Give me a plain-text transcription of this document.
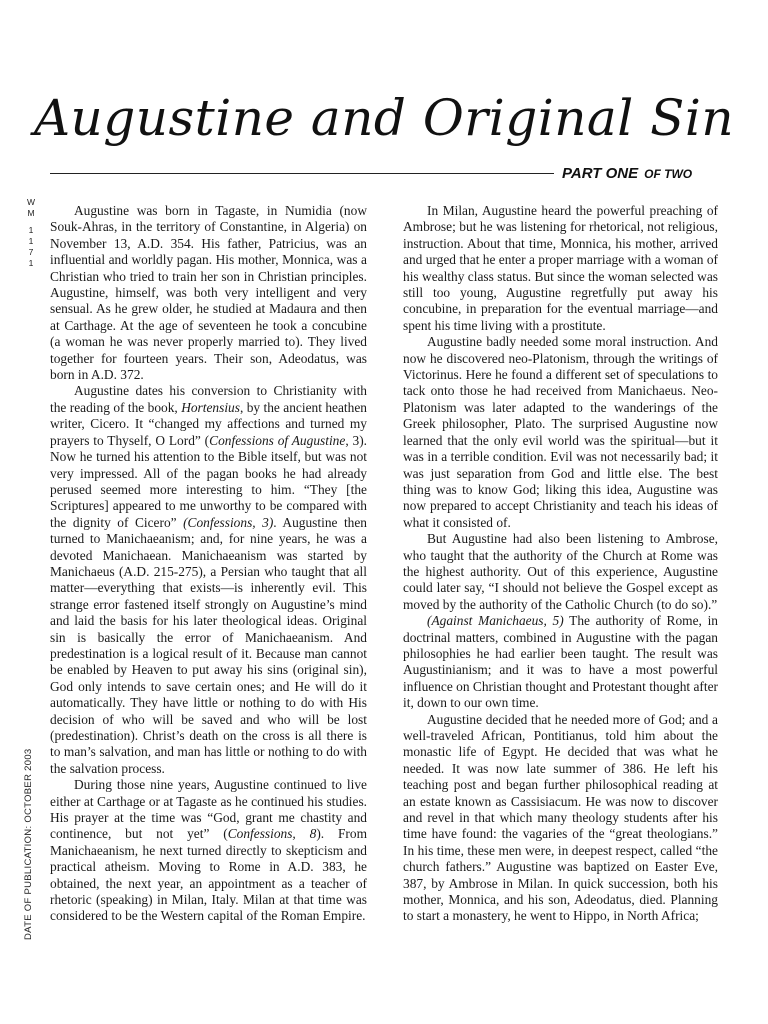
Augustine and Original Sin
PART ONE OF TWO
W
M
1
1
7
1
DATE OF PUBLICATION: OCTOBER 2003

Augustine was born in Tagaste, in Numidia (now Souk-Ahras, in the territory of Constantine, in Algeria) on November 13, A.D. 354. His father, Patricius, was an influential and worldly pagan. His mother, Monnica, was a Christian who tried to train her son in Christian principles. Augustine, himself, was both very intelligent and very sensual. As he grew older, he studied at Madaura and then at Carthage. At the age of seventeen he took a concubine (a woman he was never properly married to). They lived together for fourteen years. Their son, Adeodatus, was born in A.D. 372.

Augustine dates his conversion to Christianity with the reading of the book, Hortensius, by the ancient heathen writer, Cicero. It “changed my affections and turned my prayers to Thyself, O Lord” (Confessions of Augustine, 3). Now he turned his attention to the Bible itself, but was not very impressed. All of the pagan books he had already perused seemed more interesting to him. “They [the Scriptures] appeared to me unworthy to be compared with the dignity of Cicero” (Confessions, 3). Augustine then turned to Manichaeanism; and, for nine years, he was a devoted Manichaean. Manichaeanism was started by Manichaeus (A.D. 215-275), a Persian who taught that all matter—everything that exists—is inherently evil. This strange error fastened itself strongly on Augustine’s mind and laid the basis for his later theological ideas. Original sin is basically the error of Manichaeanism. And predestination is a logical result of it. Because man cannot be enabled by Heaven to put away his sins (original sin), God only intends to save certain ones; and He will do it automatically. They have little or nothing to do with His decision of who will be saved and who will be lost (predestination). Christ’s death on the cross is all there is to man’s salvation, and man has little or nothing to do with the salvation process.

During those nine years, Augustine continued to live either at Carthage or at Tagaste as he continued his studies. His prayer at the time was “God, grant me chastity and continence, but not yet” (Confessions, 8). From Manichaeanism, he next turned directly to skepticism and practical atheism. Moving to Rome in A.D. 383, he obtained, the next year, an appointment as a teacher of rhetoric (speaking) in Milan, Italy. Milan at that time was considered to be the Western capital of the Roman Empire.

In Milan, Augustine heard the powerful preaching of Ambrose; but he was listening for rhetorical, not religious, instruction. About that time, Monnica, his mother, arrived and urged that he enter a proper marriage with a woman of his wealthy class status. But since the woman selected was still too young, Augustine regretfully put away his concubine, in preparation for the eventual marriage—and spent his time living with a prostitute.

Augustine badly needed some moral instruction. And now he discovered neo-Platonism, through the writings of Victorinus. Here he found a different set of speculations to tack onto those he had received from Manichaeus. Neo-Platonism was later adapted to the wanderings of the Greek philosopher, Plato. The surprised Augustine now learned that the only evil world was the spiritual—but it was in a terrible condition. Evil was not necessarily bad; it was just separation from God and little else. The best thing was to know God; liking this idea, Augustine was now prepared to accept Christianity and teach his ideas of what it consisted of.

But Augustine had also been listening to Ambrose, who taught that the authority of the Church at Rome was the highest authority. Out of this experience, Augustine could later say, “I should not believe the Gospel except as moved by the authority of the Catholic Church (to do so).”

(Against Manichaeus, 5) The authority of Rome, in doctrinal matters, combined in Augustine with the pagan philosophies he had earlier been taught. The result was Augustinianism; and it was to have a most powerful influence on Christian thought and Protestant thought after it, down to our own time.

Augustine decided that he needed more of God; and a well-traveled African, Pontitianus, told him about the monastic life of Egypt. He decided that was what he needed. It was now late summer of 386. He left his teaching post and began further philosophical reading at an estate known as Cassisiacum. He was now to discover and revel in that which many theology students after his time have found: the vagaries of the “great theologians.” In his time, these men were, in deepest respect, called “the church fathers.” Augustine was baptized on Easter Eve, 387, by Ambrose in Milan. In quick succession, both his mother, Monnica, and his son, Adeodatus, died. Planning to start a monastery, he went to Hippo, in North Africa;
